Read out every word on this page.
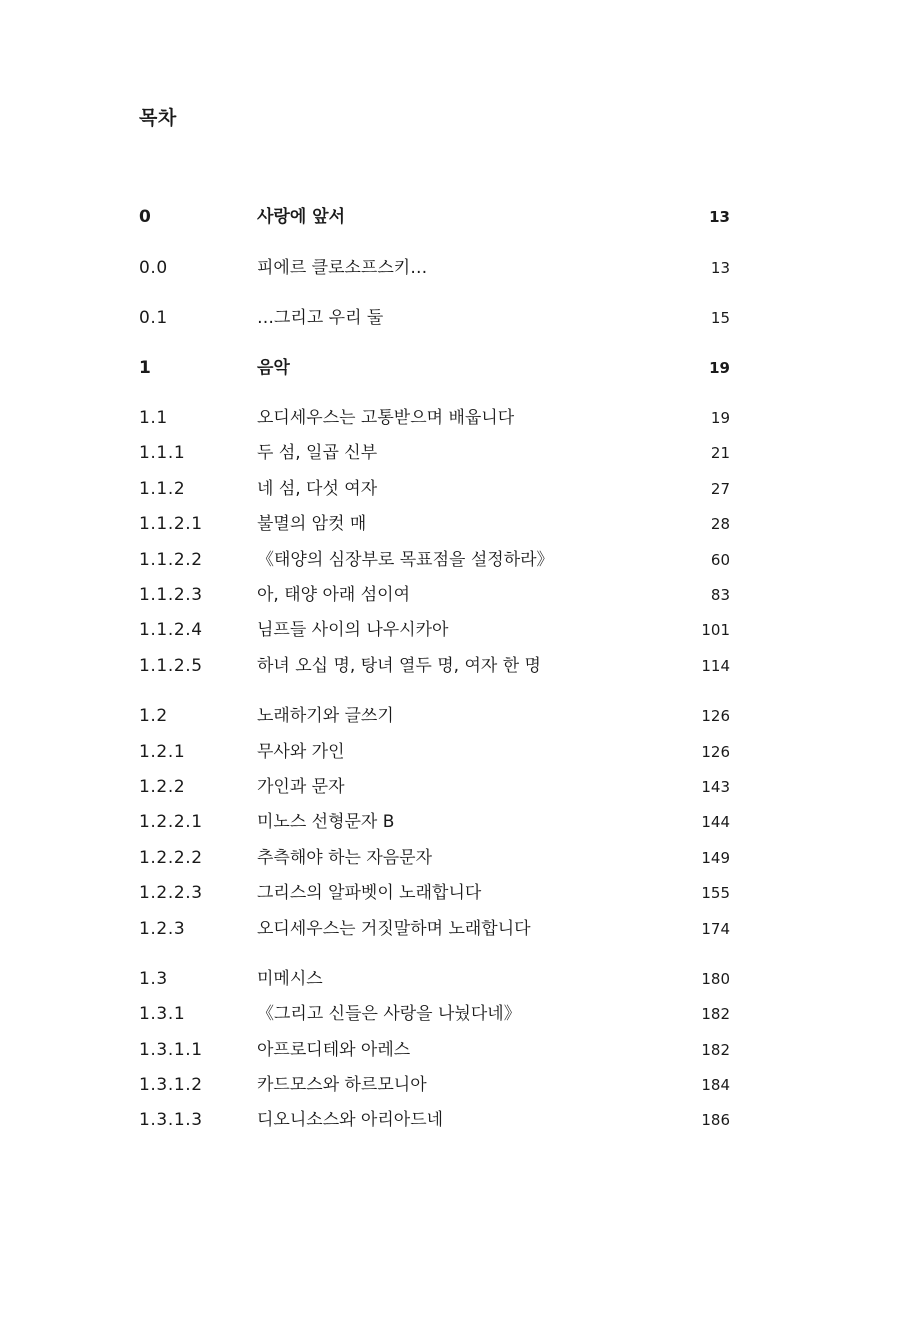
목차
0	사랑에 앞서	13
0.0	피에르 클로소프스키…	13
0.1	…그리고 우리 둘	15
1	음악	19
1.1	오디세우스는 고통받으며 배웁니다	19
1.1.1	두 섬, 일곱 신부	21
1.1.2	네 섬, 다섯 여자	27
1.1.2.1	불멸의 암컷 매	28
1.1.2.2	《태양의 심장부로 목표점을 설정하라》	60
1.1.2.3	아, 태양 아래 섬이여	83
1.1.2.4	님프들 사이의 나우시카아	101
1.1.2.5	하녀 오십 명, 탕녀 열두 명, 여자 한 명	114
1.2	노래하기와 글쓰기	126
1.2.1	무사와 가인	126
1.2.2	가인과 문자	143
1.2.2.1	미노스 선형문자 B	144
1.2.2.2	추측해야 하는 자음문자	149
1.2.2.3	그리스의 알파벳이 노래합니다	155
1.2.3	오디세우스는 거짓말하며 노래합니다	174
1.3	미메시스	180
1.3.1	《그리고 신들은 사랑을 나눴다네》	182
1.3.1.1	아프로디테와 아레스	182
1.3.1.2	카드모스와 하르모니아	184
1.3.1.3	디오니소스와 아리아드네	186
